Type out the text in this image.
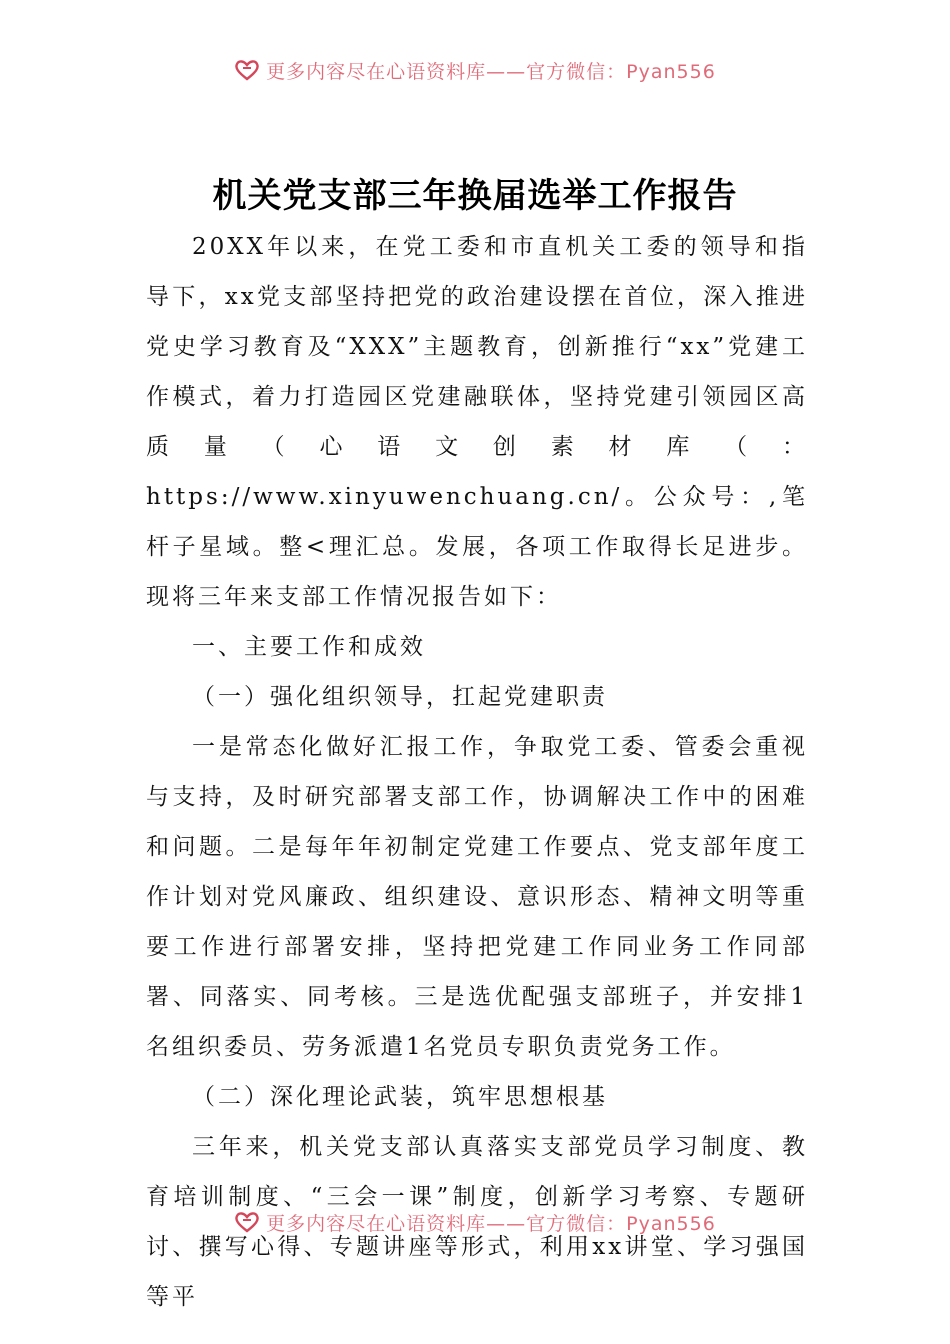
更多内容尽在心语资料库——官方微信：Pyan556
机关党支部三年换届选举工作报告

20XX年以来，在党工委和市直机关工委的领导和指导下，xx党支部坚持把党的政治建设摆在首位，深入推进党史学习教育及“XXX”主题教育，创新推行“xx”党建工作模式，着力打造园区党建融联体，坚持党建引领园区高质量（心语文创素材库（：https://www.xinyuwenchuang.cn/。公众号：,笔杆子星域。整<理汇总。发展，各项工作取得长足进步。现将三年来支部工作情况报告如下：

一、主要工作和成效

（一）强化组织领导，扛起党建职责

一是常态化做好汇报工作，争取党工委、管委会重视与支持，及时研究部署支部工作，协调解决工作中的困难和问题。二是每年年初制定党建工作要点、党支部年度工作计划对党风廉政、组织建设、意识形态、精神文明等重要工作进行部署安排，坚持把党建工作同业务工作同部署、同落实、同考核。三是选优配强支部班子，并安排1名组织委员、劳务派遣1名党员专职负责党务工作。

（二）深化理论武装，筑牢思想根基

三年来，机关党支部认真落实支部党员学习制度、教育培训制度、“三会一课”制度，创新学习考察、专题研讨、撰写心得、专题讲座等形式，利用xx讲堂、学习强国等平

更多内容尽在心语资料库——官方微信：Pyan556
